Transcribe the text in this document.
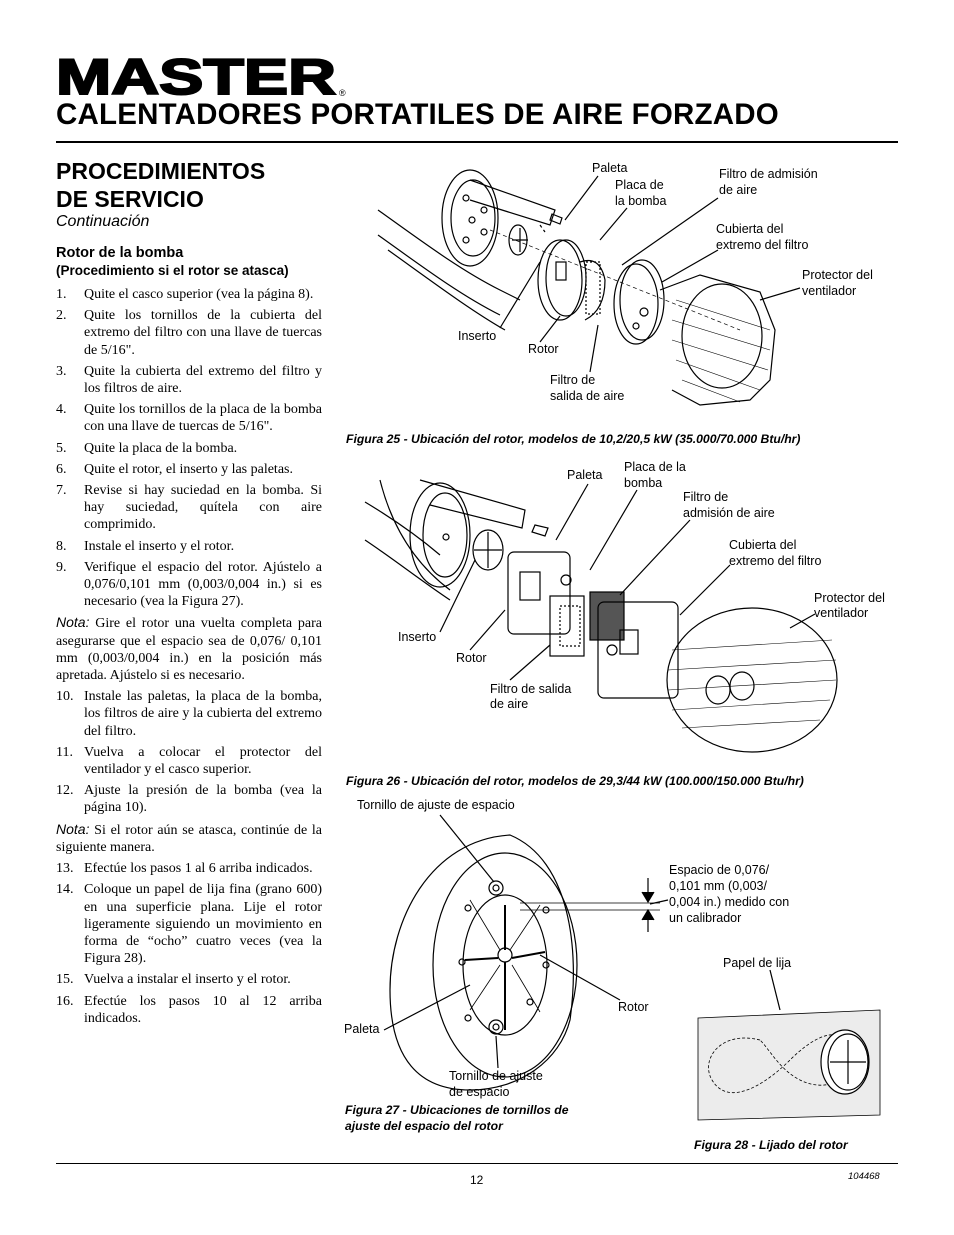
MASTER ®
CALENTADORES PORTATILES DE AIRE FORZADO
PROCEDIMIENTOS
DE SERVICIO
Continuación
Rotor de la bomba
(Procedimiento si el rotor se atasca)
1.	Quite el casco superior (vea la página 8).
2.	Quite los tornillos de la cubierta del extremo del filtro con una llave de tuercas de 5/16".
3.	Quite la cubierta del extremo del filtro y los filtros de aire.
4.	Quite los tornillos de la placa de la bomba con una llave de tuercas de 5/16".
5.	Quite la placa de la bomba.
6.	Quite el rotor, el inserto y las paletas.
7.	Revise si hay suciedad en la bomba. Si hay suciedad, quítela con aire comprimido.
8.	Instale el inserto y el rotor.
9.	Verifique el espacio del rotor. Ajústelo a 0,076/0,101 mm (0,003/0,004 in.) si es necesario (vea la Figura 27).
Nota: Gire el rotor una vuelta completa para asegurarse que el espacio sea de 0,076/ 0,101 mm (0,003/0,004 in.) en la posición más apretada. Ajústelo si es necesario.
10. Instale las paletas, la placa de la bomba, los filtros de aire y la cubierta del extremo del filtro.
11. Vuelva a colocar el protector del ventilador y el casco superior.
12. Ajuste la presión de la bomba (vea la página 10).
Nota: Si el rotor aún se atasca, continúe de la siguiente manera.
13. Efectúe los pasos 1 al 6 arriba indicados.
14. Coloque un papel de lija fina (grano 600) en una superficie plana. Lije el rotor ligeramente siguiendo un movimiento en forma de “ocho” cuatro veces (vea la Figura 28).
15. Vuelva a instalar el inserto y el rotor.
16. Efectúe los pasos 10 al 12 arriba indicados.
Paleta
Placa de
la bomba
Filtro de admisión
de aire
Cubierta del
extremo del filtro
Protector del
ventilador
Inserto
Rotor
Filtro de
salida de aire
Figura 25 - Ubicación del rotor, modelos de 10,2/20,5 kW (35.000/70.000 Btu/hr)
Paleta
Placa de la
bomba
Filtro de
admisión de aire
Cubierta del
extremo del filtro
Protector del
ventilador
Inserto
Rotor
Filtro de salida
de aire
Figura 26 - Ubicación del rotor, modelos de 29,3/44 kW (100.000/150.000 Btu/hr)
Tornillo de ajuste de espacio
Espacio de 0,076/
0,101 mm (0,003/
0,004 in.) medido con
un calibrador
Rotor
Paleta
Tornillo de ajuste
de espacio
Figura 27 - Ubicaciones de tornillos de
ajuste del espacio del rotor
Papel de lija
Figura 28 - Lijado del rotor
12	104468
